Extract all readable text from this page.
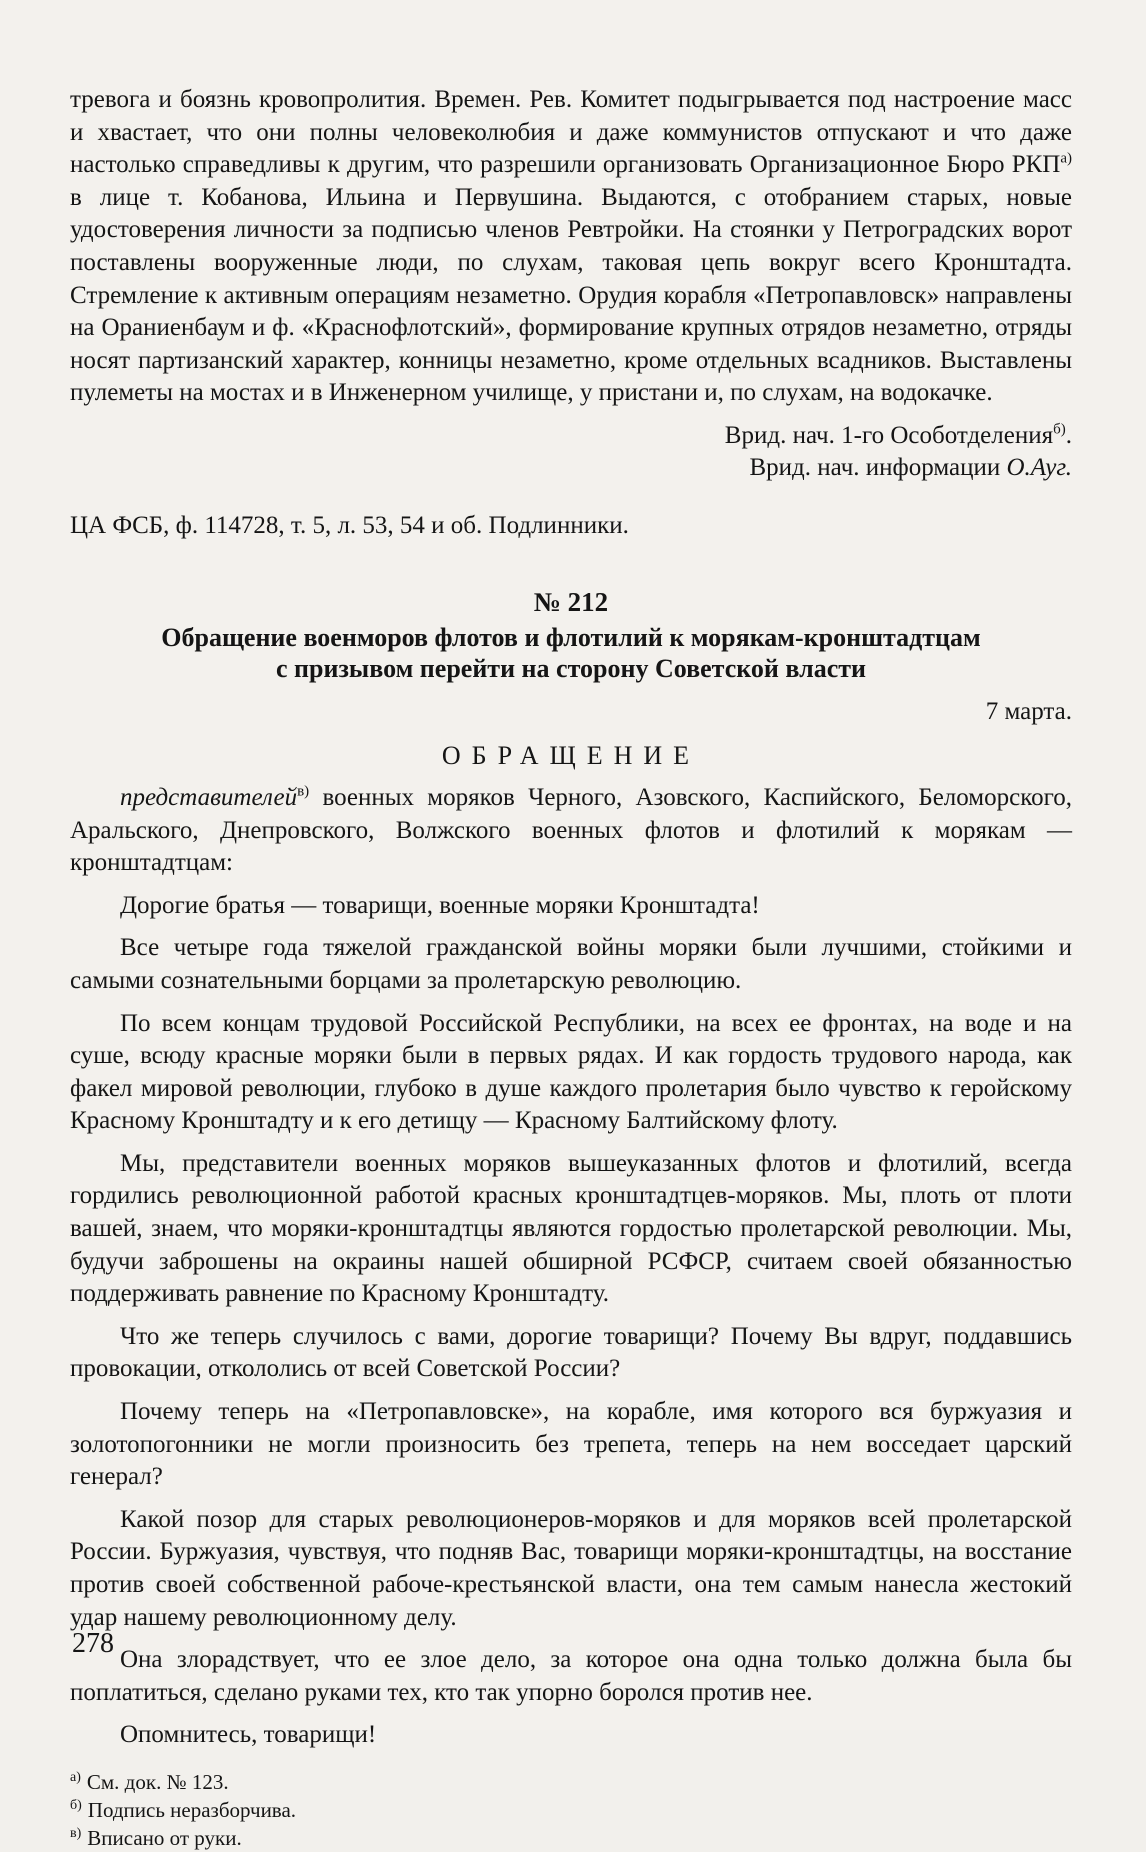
тревога и боязнь кровопролития. Времен. Рев. Комитет подыгрывается под настроение масс и хвастает, что они полны человеколюбия и даже коммунистов отпускают и что даже настолько справедливы к другим, что разрешили организовать Организационное Бюро $РКП^{а)}$ в лице т. Кобанова, Ильина и Первушина. Выдаются, с отобранием старых, новые удостоверения личности за подписью членов Ревтройки. На стоянки у Петроградских ворот поставлены вооруженные люди, по слухам, таковая цепь вокруг всего Кронштадта. Стремление к активным операциям незаметно. Орудия корабля «Петропавловск» направлены на Ораниенбаум и ф. «Краснофлотский», формирование крупных отрядов незаметно, отряды носят партизанский характер, конницы незаметно, кроме отдельных всадников. Выставлены пулеметы на мостах и в Инженерном училище, у пристани и, по слухам, на водокачке.

Врид. нач. 1-го Особотделения$^{б)}$.
Врид. нач. информации О.Ауг.

ЦА ФСБ, ф. 114728, т. 5, л. 53, 54 и об. Подлинники.

№ 212
Обращение военморов флотов и флотилий к морякам-кронштадтцам
с призывом перейти на сторону Советской власти
7 марта.
ОБРАЩЕНИЕ

представителей$^{в)}$ военных моряков Черного, Азовского, Каспийского, Беломорского, Аральского, Днепровского, Волжского военных флотов и флотилий к морякам — кронштадтцам:

Дорогие братья — товарищи, военные моряки Кронштадта!

Все четыре года тяжелой гражданской войны моряки были лучшими, стойкими и самыми сознательными борцами за пролетарскую революцию.

По всем концам трудовой Российской Республики, на всех ее фронтах, на воде и на суше, всюду красные моряки были в первых рядах. И как гордость трудового народа, как факел мировой революции, глубоко в душе каждого пролетария было чувство к геройскому Красному Кронштадту и к его детищу — Красному Балтийскому флоту.

Мы, представители военных моряков вышеуказанных флотов и флотилий, всегда гордились революционной работой красных кронштадтцев-моряков. Мы, плоть от плоти вашей, знаем, что моряки-кронштадтцы являются гордостью пролетарской революции. Мы, будучи заброшены на окраины нашей обширной РСФСР, считаем своей обязанностью поддерживать равнение по Красному Кронштадту.

Что же теперь случилось с вами, дорогие товарищи? Почему Вы вдруг, поддавшись провокации, откололись от всей Советской России?

Почему теперь на «Петропавловске», на корабле, имя которого вся буржуазия и золотопогонники не могли произносить без трепета, теперь на нем восседает царский генерал?

Какой позор для старых революционеров-моряков и для моряков всей пролетарской России. Буржуазия, чувствуя, что подняв Вас, товарищи моряки-кронштадтцы, на восстание против своей собственной рабоче-крестьянской власти, она тем самым нанесла жестокий удар нашему революционному делу.

Она злорадствует, что ее злое дело, за которое она одна только должна была бы поплатиться, сделано руками тех, кто так упорно боролся против нее.

Опомнитесь, товарищи!

$^{а)}$ См. док. № 123.

$^{б)}$ Подпись неразборчива.

$^{в)}$ Вписано от руки.

278
